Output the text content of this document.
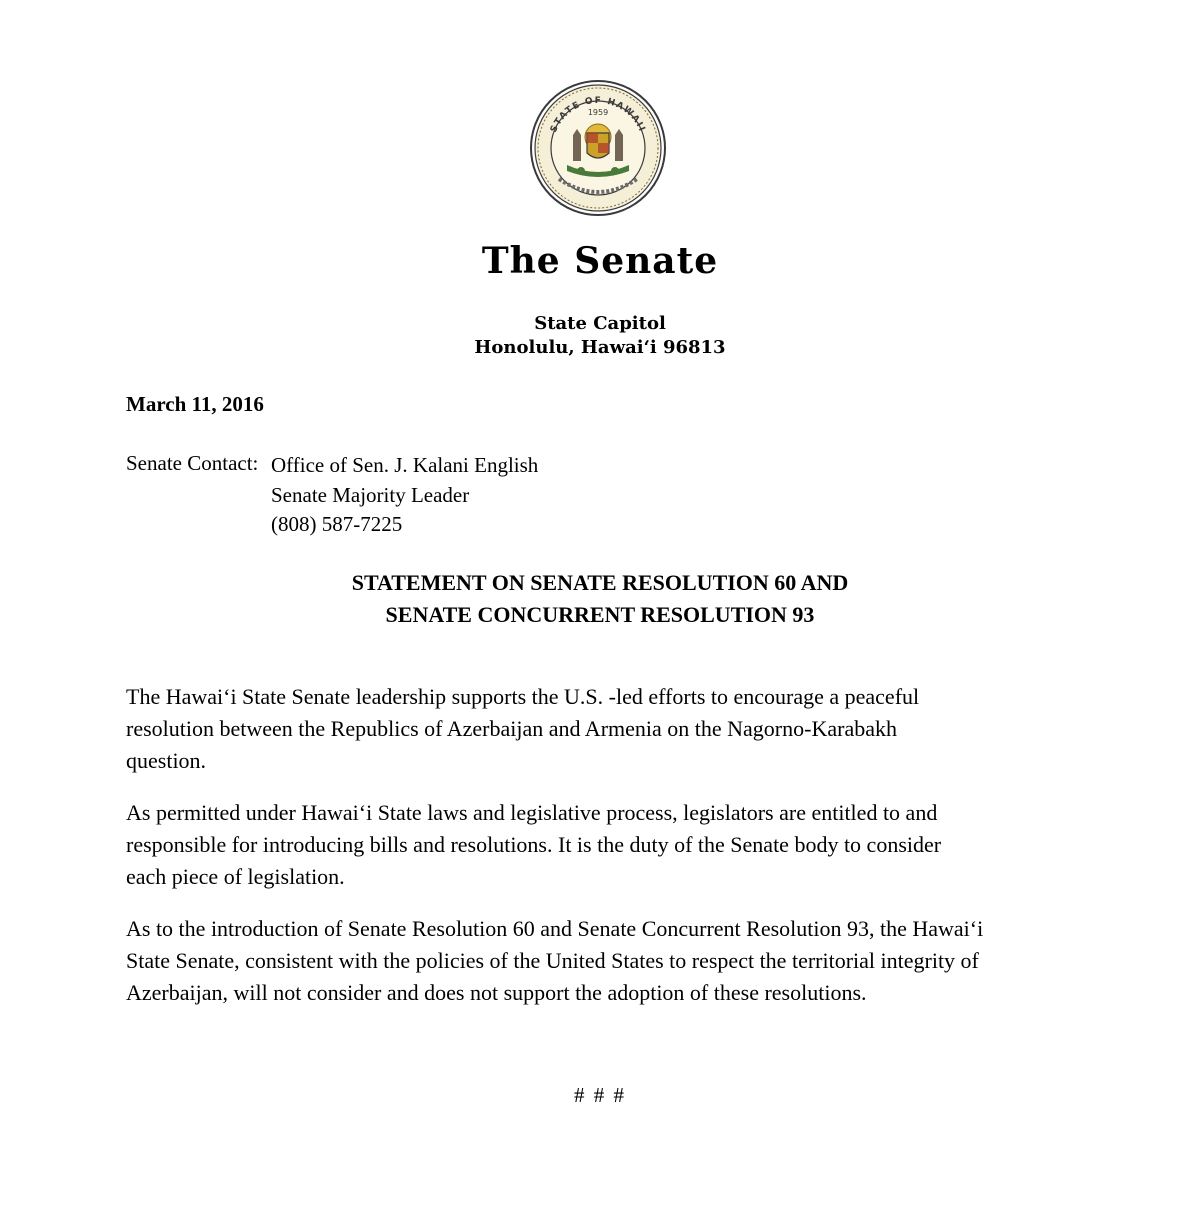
STATE OF HAWAII
1959
The Senate
State Capitol
Honolulu, Hawai‘i 96813
March 11, 2016
Senate Contact: Office of Sen. J. Kalani English
Senate Majority Leader
(808) 587-7225
STATEMENT ON SENATE RESOLUTION 60 AND
SENATE CONCURRENT RESOLUTION 93
The Hawai‘i State Senate leadership supports the U.S. -led efforts to encourage a peaceful
resolution between the Republics of Azerbaijan and Armenia on the Nagorno-Karabakh
question.
As permitted under Hawai‘i State laws and legislative process, legislators are entitled to and
responsible for introducing bills and resolutions. It is the duty of the Senate body to consider
each piece of legislation.
As to the introduction of Senate Resolution 60 and Senate Concurrent Resolution 93, the Hawai‘i
State Senate, consistent with the policies of the United States to respect the territorial integrity of
Azerbaijan, will not consider and does not support the adoption of these resolutions.
# # #
